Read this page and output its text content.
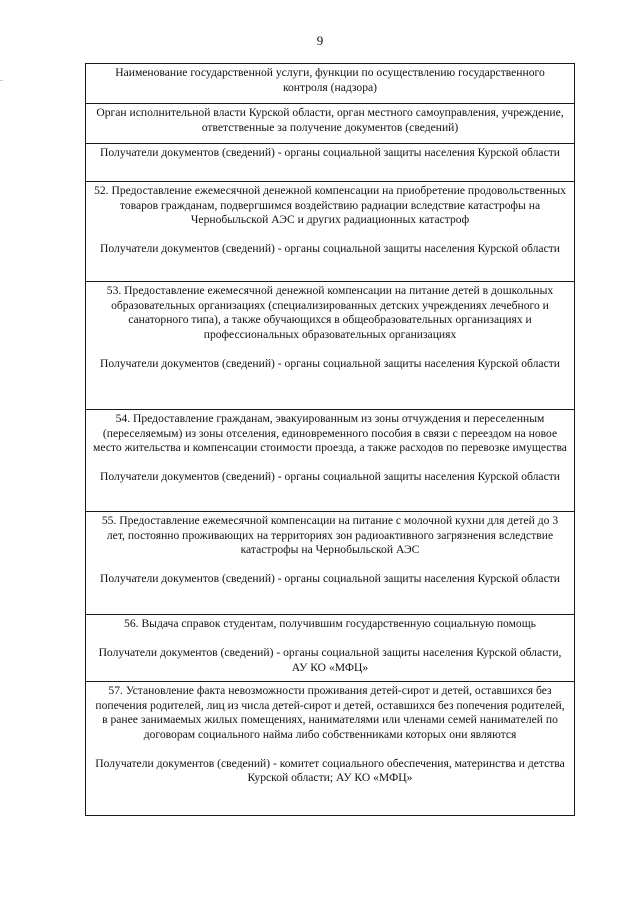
9

Наименование государственной услуги, функции по осуществлению государственного контроля (надзора)

Орган исполнительной власти Курской области, орган местного самоуправления, учреждение, ответственные за получение документов (сведений)

Получатели документов (сведений) - органы социальной защиты населения Курской области

52. Предоставление ежемесячной денежной компенсации на приобретение продовольственных товаров гражданам, подвергшимся воздействию радиации вследствие катастрофы на Чернобыльской АЭС и других радиационных катастроф

Получатели документов (сведений) - органы социальной защиты населения Курской области

53. Предоставление ежемесячной денежной компенсации на питание детей в дошкольных образовательных организациях (специализированных детских учреждениях лечебного и санаторного типа), а также обучающихся в общеобразовательных организациях и профессиональных образовательных организациях

Получатели документов (сведений) - органы социальной защиты населения Курской области

54. Предоставление гражданам, эвакуированным из зоны отчуждения и переселенным (переселяемым) из зоны отселения, единовременного пособия в связи с переездом на новое место жительства и компенсации стоимости проезда, а также расходов по перевозке имущества

Получатели документов (сведений) - органы социальной защиты населения Курской области

55. Предоставление ежемесячной компенсации на питание с молочной кухни для детей до 3 лет, постоянно проживающих на территориях зон радиоактивного загрязнения вследствие катастрофы на Чернобыльской АЭС

Получатели документов (сведений) - органы социальной защиты населения Курской области

56. Выдача справок студентам, получившим государственную социальную помощь

Получатели документов (сведений) - органы социальной защиты населения Курской области, АУ КО «МФЦ»

57. Установление факта невозможности проживания детей-сирот и детей, оставшихся без попечения родителей, лиц из числа детей-сирот и детей, оставшихся без попечения родителей, в ранее занимаемых жилых помещениях, нанимателями или членами семей нанимателей по договорам социального найма либо собственниками которых они являются

Получатели документов (сведений) - комитет социального обеспечения, материнства и детства Курской области; АУ КО «МФЦ»
